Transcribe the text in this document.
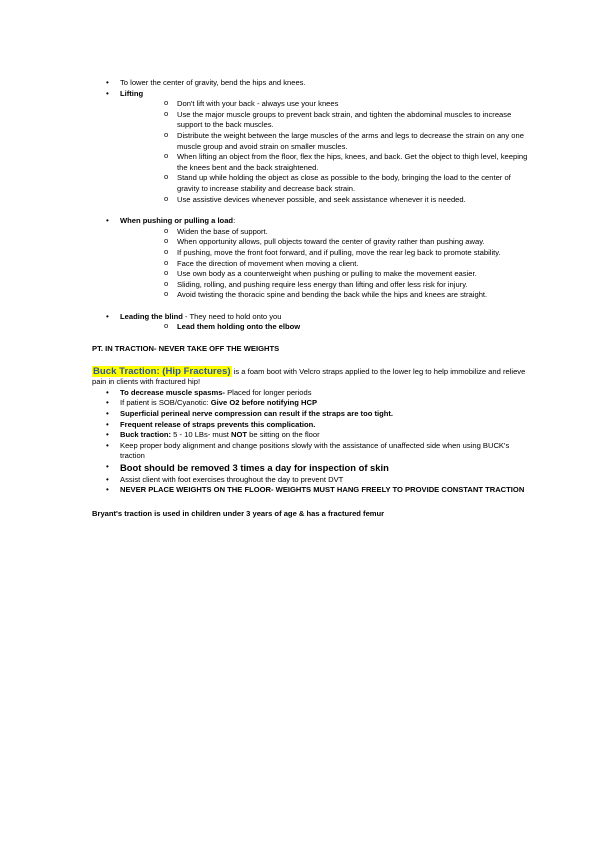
• To lower the center of gravity, bend the hips and knees.
• Lifting
o Don't lift with your back - always use your knees
o Use the major muscle groups to prevent back strain, and tighten the abdominal muscles to increase support to the back muscles.
o Distribute the weight between the large muscles of the arms and legs to decrease the strain on any one muscle group and avoid strain on smaller muscles.
o When lifting an object from the floor, flex the hips, knees, and back. Get the object to thigh level, keeping the knees bent and the back straightened.
o Stand up while holding the object as close as possible to the body, bringing the load to the center of gravity to increase stability and decrease back strain.
o Use assistive devices whenever possible, and seek assistance whenever it is needed.
• When pushing or pulling a load:
o Widen the base of support.
o When opportunity allows, pull objects toward the center of gravity rather than pushing away.
o If pushing, move the front foot forward, and if pulling, move the rear leg back to promote stability.
o Face the direction of movement when moving a client.
o Use own body as a counterweight when pushing or pulling to make the movement easier.
o Sliding, rolling, and pushing require less energy than lifting and offer less risk for injury.
o Avoid twisting the thoracic spine and bending the back while the hips and knees are straight.
• Leading the blind - They need to hold onto you
o Lead them holding onto the elbow
PT. IN TRACTION- NEVER TAKE OFF THE WEIGHTS
Buck Traction: (Hip Fractures) is a foam boot with Velcro straps applied to the lower leg to help immobilize and relieve pain in clients with fractured hip!
• To decrease muscle spasms- Placed for longer periods
• If patient is SOB/Cyanotic: Give O2 before notifying HCP
• Superficial perineal nerve compression can result if the straps are too tight.
• Frequent release of straps prevents this complication.
• Buck traction: 5 - 10 LBs- must NOT be sitting on the floor
• Keep proper body alignment and change positions slowly with the assistance of unaffected side when using BUCK's traction
• Boot should be removed 3 times a day for inspection of skin
• Assist client with foot exercises throughout the day to prevent DVT
• NEVER PLACE WEIGHTS ON THE FLOOR- WEIGHTS MUST HANG FREELY TO PROVIDE CONSTANT TRACTION
Bryant's traction is used in children under 3 years of age & has a fractured femur
